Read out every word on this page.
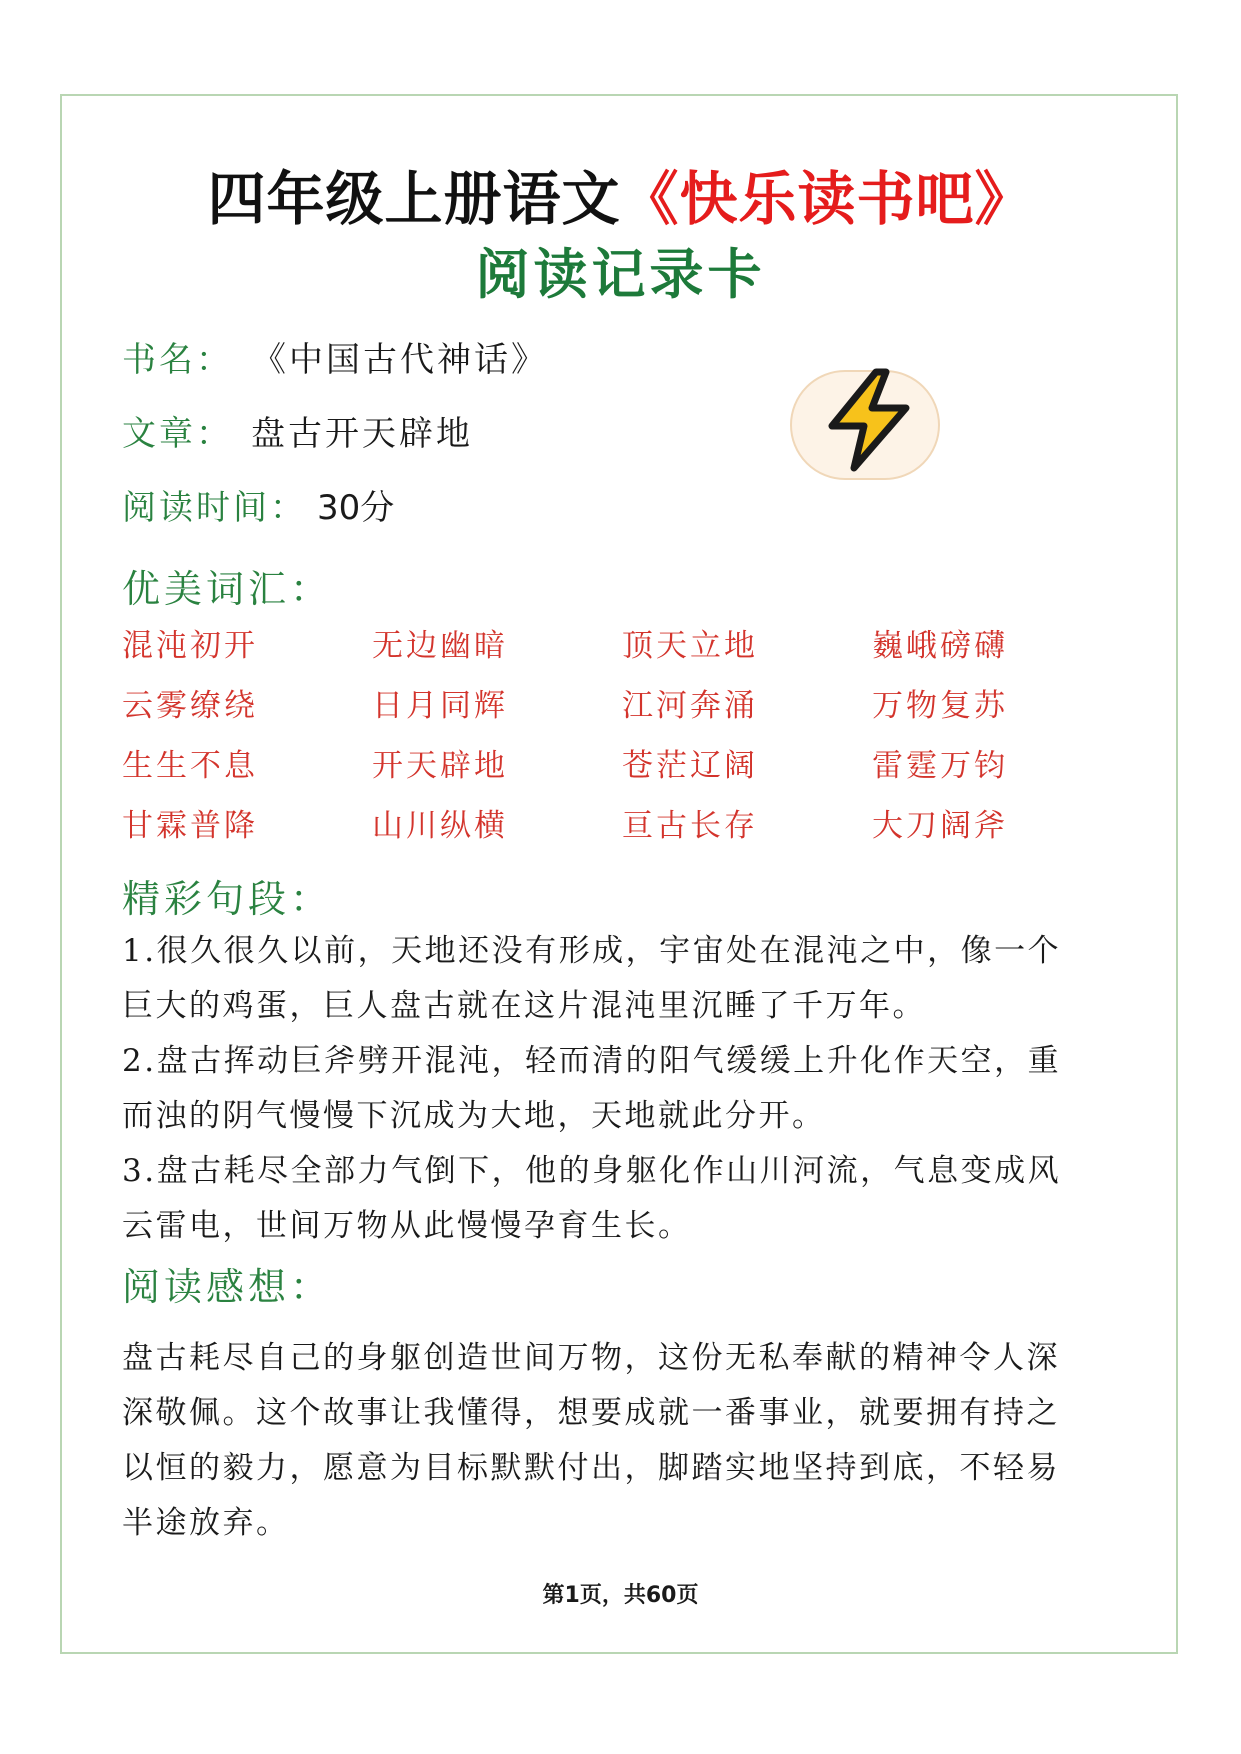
四年级上册语文《快乐读书吧》
阅读记录卡
书名： 《中国古代神话》
文章： 盘古开天辟地
阅读时间： 30分
优美词汇：
混沌初开	无边幽暗	顶天立地	巍峨磅礴
云雾缭绕	日月同辉	江河奔涌	万物复苏
生生不息	开天辟地	苍茫辽阔	雷霆万钧
甘霖普降	山川纵横	亘古长存	大刀阔斧
精彩句段：
1.很久很久以前，天地还没有形成，宇宙处在混沌之中，像一个
巨大的鸡蛋，巨人盘古就在这片混沌里沉睡了千万年。
2.盘古挥动巨斧劈开混沌，轻而清的阳气缓缓上升化作天空，重
而浊的阴气慢慢下沉成为大地，天地就此分开。
3.盘古耗尽全部力气倒下，他的身躯化作山川河流，气息变成风
云雷电，世间万物从此慢慢孕育生长。
阅读感想：
盘古耗尽自己的身躯创造世间万物，这份无私奉献的精神令人深
深敬佩。这个故事让我懂得，想要成就一番事业，就要拥有持之
以恒的毅力，愿意为目标默默付出，脚踏实地坚持到底，不轻易
半途放弃。
第1页，共60页
